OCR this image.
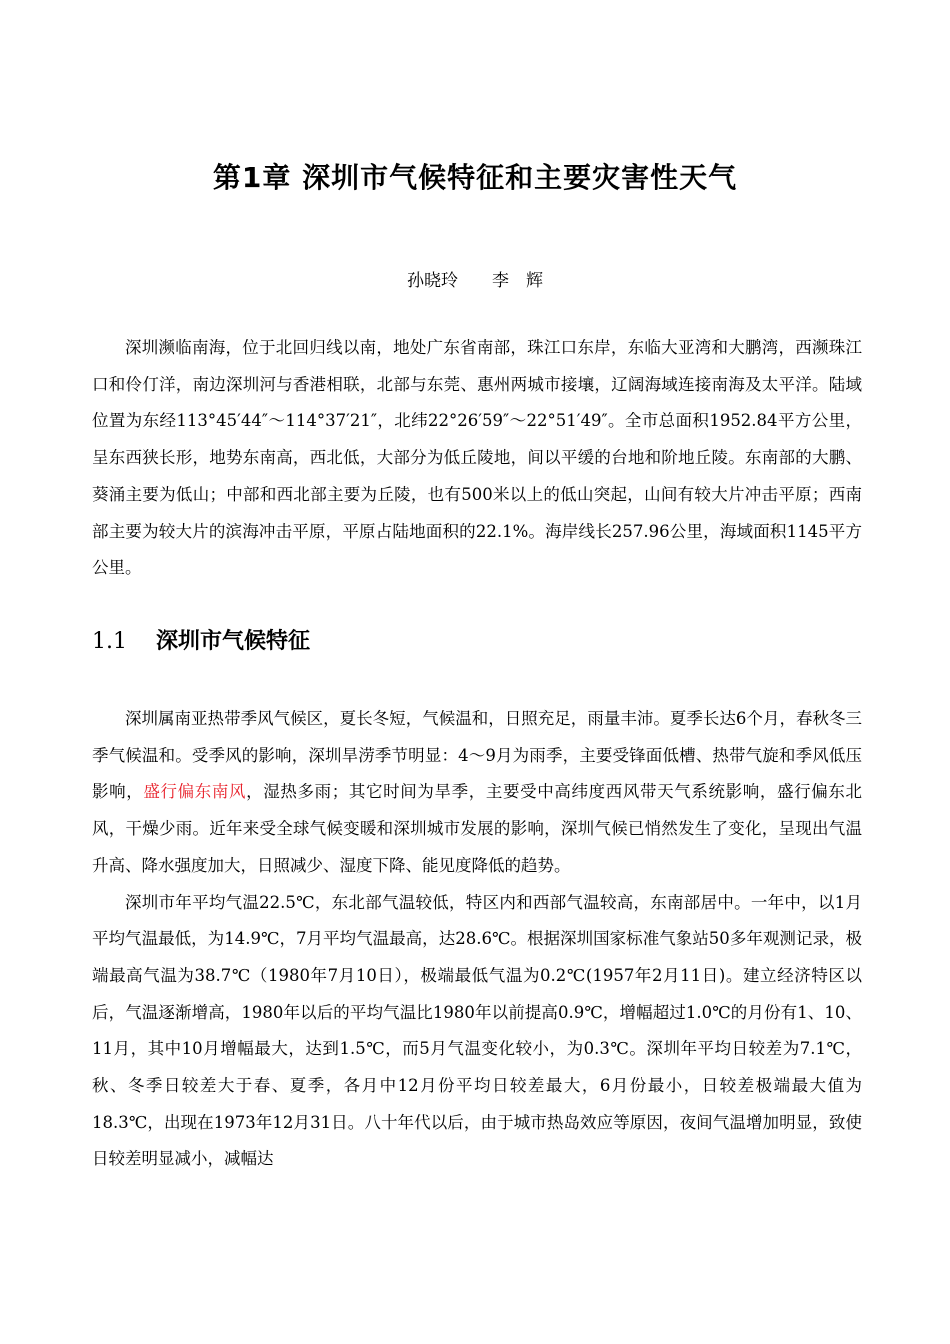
第1章 深圳市气候特征和主要灾害性天气
孙晓玲 李　辉

深圳濒临南海，位于北回归线以南，地处广东省南部，珠江口东岸，东临大亚湾和大鹏湾，西濒珠江口和伶仃洋，南边深圳河与香港相联，北部与东莞、惠州两城市接壤，辽阔海域连接南海及太平洋。陆域位置为东经113°45′44″～114°37′21″，北纬22°26′59″～22°51′49″。全市总面积1952.84平方公里，呈东西狭长形，地势东南高，西北低，大部分为低丘陵地，间以平缓的台地和阶地丘陵。东南部的大鹏、葵涌主要为低山；中部和西北部主要为丘陵，也有500米以上的低山突起，山间有较大片冲击平原；西南部主要为较大片的滨海冲击平原，平原占陆地面积的22.1%。海岸线长257.96公里，海域面积1145平方公里。

1.1 深圳市气候特征

深圳属南亚热带季风气候区，夏长冬短，气候温和，日照充足，雨量丰沛。夏季长达6个月，春秋冬三季气候温和。受季风的影响，深圳旱涝季节明显：4～9月为雨季，主要受锋面低槽、热带气旋和季风低压影响，盛行偏东南风，湿热多雨；其它时间为旱季，主要受中高纬度西风带天气系统影响，盛行偏东北风，干燥少雨。近年来受全球气候变暖和深圳城市发展的影响，深圳气候已悄然发生了变化，呈现出气温升高、降水强度加大，日照减少、湿度下降、能见度降低的趋势。

深圳市年平均气温22.5℃，东北部气温较低，特区内和西部气温较高，东南部居中。一年中，以1月平均气温最低，为14.9℃，7月平均气温最高，达28.6℃。根据深圳国家标准气象站50多年观测记录，极端最高气温为38.7℃（1980年7月10日），极端最低气温为0.2℃(1957年2月11日)。建立经济特区以后，气温逐渐增高，1980年以后的平均气温比1980年以前提高0.9℃，增幅超过1.0℃的月份有1、10、11月，其中10月增幅最大，达到1.5℃，而5月气温变化较小，为0.3℃。深圳年平均日较差为7.1℃，秋、冬季日较差大于春、夏季，各月中12月份平均日较差最大，6月份最小，日较差极端最大值为18.3℃，出现在1973年12月31日。八十年代以后，由于城市热岛效应等原因，夜间气温增加明显，致使日较差明显减小，减幅达
